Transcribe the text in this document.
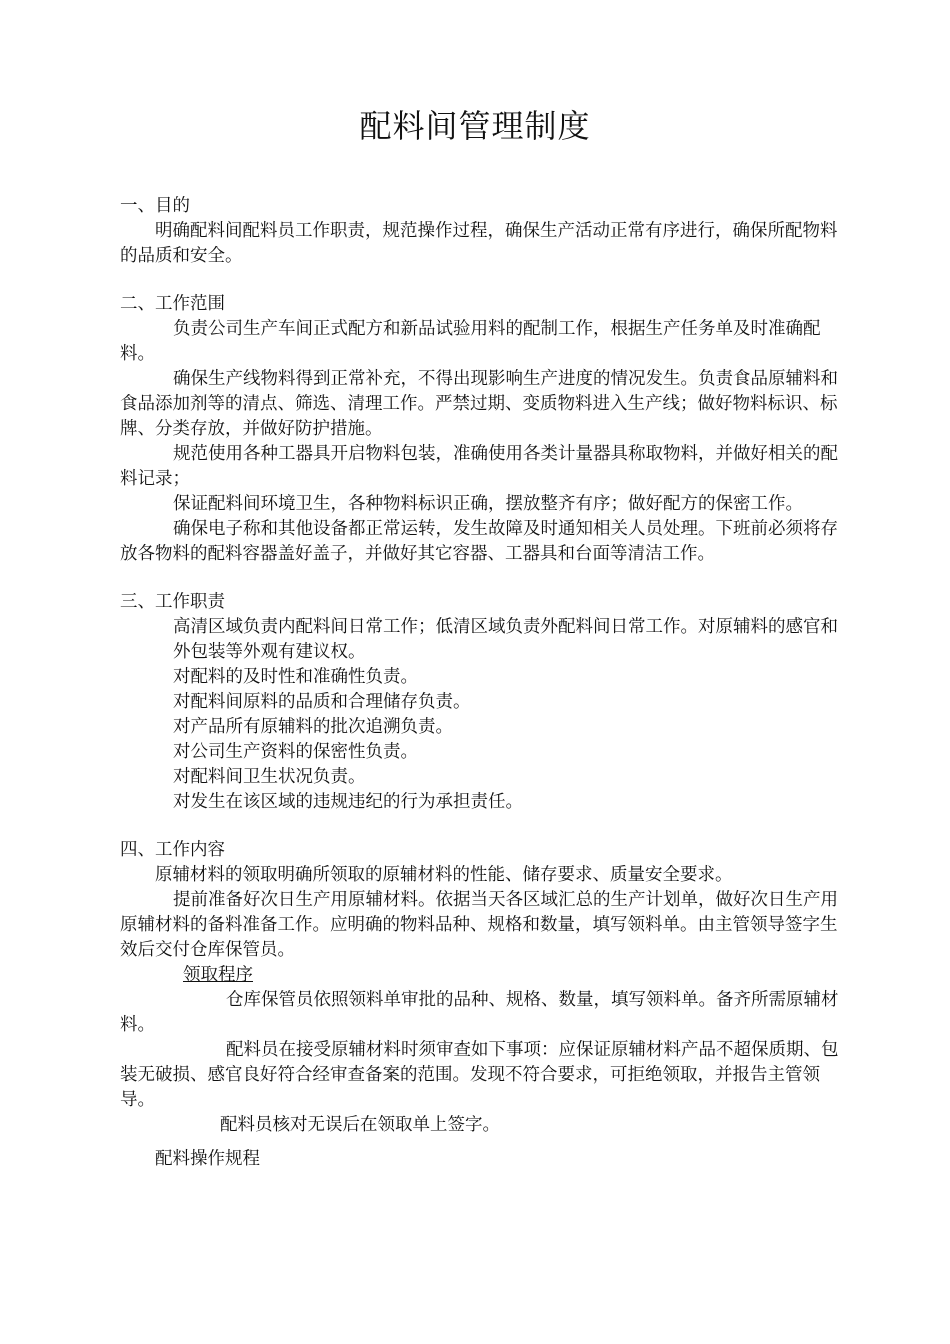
配料间管理制度
一、目的
明确配料间配料员工作职责，规范操作过程，确保生产活动正常有序进行，确保所配物料的品质和安全。
二、工作范围
负责公司生产车间正式配方和新品试验用料的配制工作，根据生产任务单及时准确配料。
确保生产线物料得到正常补充，不得出现影响生产进度的情况发生。负责食品原辅料和食品添加剂等的清点、筛选、清理工作。严禁过期、变质物料进入生产线；做好物料标识、标牌、分类存放，并做好防护措施。
规范使用各种工器具开启物料包装，准确使用各类计量器具称取物料，并做好相关的配料记录；
保证配料间环境卫生，各种物料标识正确，摆放整齐有序；做好配方的保密工作。
确保电子称和其他设备都正常运转，发生故障及时通知相关人员处理。下班前必须将存放各物料的配料容器盖好盖子，并做好其它容器、工器具和台面等清洁工作。
三、工作职责
高清区域负责内配料间日常工作；低清区域负责外配料间日常工作。对原辅料的感官和外包装等外观有建议权。
对配料的及时性和准确性负责。
对配料间原料的品质和合理储存负责。
对产品所有原辅料的批次追溯负责。
对公司生产资料的保密性负责。
对配料间卫生状况负责。
对发生在该区域的违规违纪的行为承担责任。
四、工作内容
原辅材料的领取明确所领取的原辅材料的性能、储存要求、质量安全要求。
提前准备好次日生产用原辅材料。依据当天各区域汇总的生产计划单，做好次日生产用原辅材料的备料准备工作。应明确的物料品种、规格和数量，填写领料单。由主管领导签字生效后交付仓库保管员。
领取程序
仓库保管员依照领料单审批的品种、规格、数量，填写领料单。备齐所需原辅材料。
配料员在接受原辅材料时须审查如下事项：应保证原辅材料产品不超保质期、包装无破损、感官良好符合经审查备案的范围。发现不符合要求，可拒绝领取，并报告主管领导。
配料员核对无误后在领取单上签字。
配料操作规程
